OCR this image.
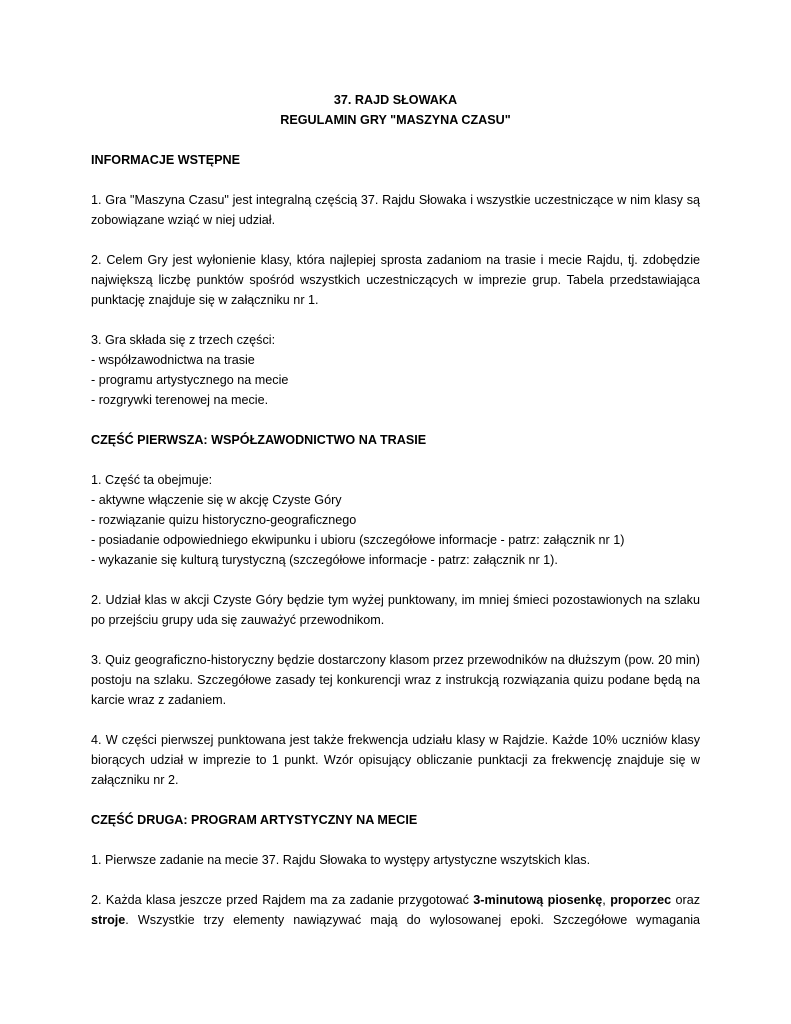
37. RAJD SŁOWAKA
REGULAMIN GRY "MASZYNA CZASU"
INFORMACJE WSTĘPNE

1. Gra "Maszyna Czasu" jest integralną częścią 37. Rajdu Słowaka i wszystkie uczestniczące w nim klasy są zobowiązane wziąć w niej udział.

2. Celem Gry jest wyłonienie klasy, która najlepiej sprosta zadaniom na trasie i mecie Rajdu, tj. zdobędzie największą liczbę punktów spośród wszystkich uczestniczących w imprezie grup. Tabela przedstawiająca punktację znajduje się w załączniku nr 1.

3. Gra składa się z trzech części:

- współzawodnictwa na trasie
- programu artystycznego na mecie
- rozgrywki terenowej na mecie.
CZĘŚĆ PIERWSZA: WSPÓŁZAWODNICTWO NA TRASIE

1. Część ta obejmuje:

- aktywne włączenie się w akcję Czyste Góry
- rozwiązanie quizu historyczno-geograficznego
- posiadanie odpowiedniego ekwipunku i ubioru (szczegółowe informacje - patrz: załącznik nr 1)
- wykazanie się kulturą turystyczną (szczegółowe informacje - patrz: załącznik nr 1).

2. Udział klas w akcji Czyste Góry będzie tym wyżej punktowany, im mniej śmieci pozostawionych na szlaku po przejściu grupy uda się zauważyć przewodnikom.

3. Quiz geograficzno-historyczny będzie dostarczony klasom przez przewodników na dłuższym (pow. 20 min) postoju na szlaku. Szczegółowe zasady tej konkurencji wraz z instrukcją rozwiązania quizu podane będą na karcie wraz z zadaniem.

4. W części pierwszej punktowana jest także frekwencja udziału klasy w Rajdzie. Każde 10% uczniów klasy biorących udział w imprezie to 1 punkt. Wzór opisujący obliczanie punktacji za frekwencję znajduje się w załączniku nr 2.

CZĘŚĆ DRUGA: PROGRAM ARTYSTYCZNY NA MECIE

1. Pierwsze zadanie na mecie 37. Rajdu Słowaka to występy artystyczne wszytskich klas.

2. Każda klasa jeszcze przed Rajdem ma za zadanie przygotować 3-minutową piosenkę, proporzec oraz stroje. Wszystkie trzy elementy nawiązywać mają do wylosowanej epoki. Szczegółowe wymagania
